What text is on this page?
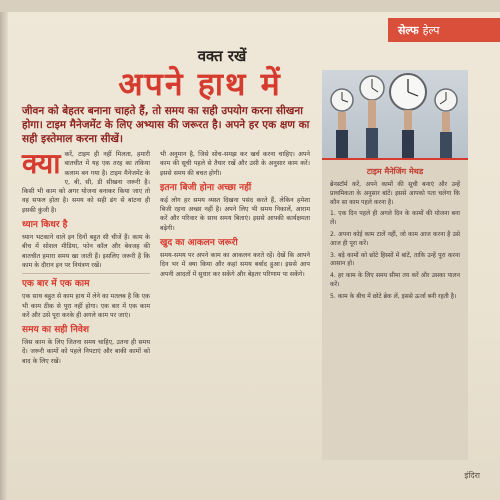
सेल्फ हेल्प
वक्त रखें
अपने हाथ में
जीवन को बेहतर बनाना चाहते हैं, तो समय का सही उपयोग करना सीखना होगा। टाइम मैनेजमेंट के लिए अभ्यास की जरूरत है। अपने हर एक क्षण का सही इस्तेमाल करना सीखें।
क्या करें, टाइम ही नहीं मिलता, हमारी बातचीत में यह एक तरह का तकिया कलाम बन गया है। टाइम मैनेजमेंट के ए, बी, सी, डी सीखना जरूरी है। किसी भी काम को अगर योजना बनाकर किया जाए तो वह सफल होता है। समय को सही ढंग से बांटना ही इसकी कुंजी है।
ध्यान किधर है
ध्यान भटकाने वाले इन दिनों बहुत सी चीजें हैं। काम के बीच में सोशल मीडिया, फोन कॉल और बेवजह की बातचीत हमारा समय खा जाती हैं। इसलिए जरूरी है कि काम के दौरान इन पर नियंत्रण रखें।
एक बार में एक काम
एक साथ बहुत से काम हाथ में लेने का मतलब है कि एक भी काम ठीक से पूरा नहीं होगा। एक बार में एक काम करें और उसे पूरा करके ही अगले काम पर जाएं।
समय का सही निवेश
जिस काम के लिए जितना समय चाहिए, उतना ही समय दें। जरूरी कामों को पहले निपटाएं और बाकी कामों को बाद के लिए रखें।
भी अनुमान है, जिसे सोच-समझ कर खर्च करना चाहिए। अपने काम की सूची पहले से तैयार रखें और उसी के अनुसार काम करें। इससे समय की बचत होगी।
इतना बिजी होना अच्छा नहीं
कई लोग हर समय व्यस्त दिखना पसंद करते हैं, लेकिन हमेशा बिजी रहना अच्छा नहीं है। अपने लिए भी समय निकालें, आराम करें और परिवार के साथ समय बिताएं। इससे आपकी कार्यक्षमता बढ़ेगी।
खुद का आकलन जरूरी
समय-समय पर अपने काम का आकलन करते रहें। देखें कि आपने दिन भर में क्या किया और कहां समय बर्बाद हुआ। इससे आप अपनी आदतों में सुधार कर सकेंगे और बेहतर परिणाम पा सकेंगे।
टाइम मैनेजिंग मेथड

ब्रेनस्टॉर्म करें, अपने कामों की सूची बनाएं और उन्हें प्राथमिकता के अनुसार बांटें। इससे आपको पता चलेगा कि कौन सा काम पहले करना है।

1. एक दिन पहले ही अगले दिन के कामों की योजना बना लें।

2. अपना कोई काम टालें नहीं, जो काम आज करना है उसे आज ही पूरा करें।

3. बड़े कामों को छोटे हिस्सों में बांटें, ताकि उन्हें पूरा करना आसान हो।

4. हर काम के लिए समय सीमा तय करें और उसका पालन करें।

5. काम के बीच में छोटे ब्रेक लें, इससे ऊर्जा बनी रहती है।

इंदिरा
